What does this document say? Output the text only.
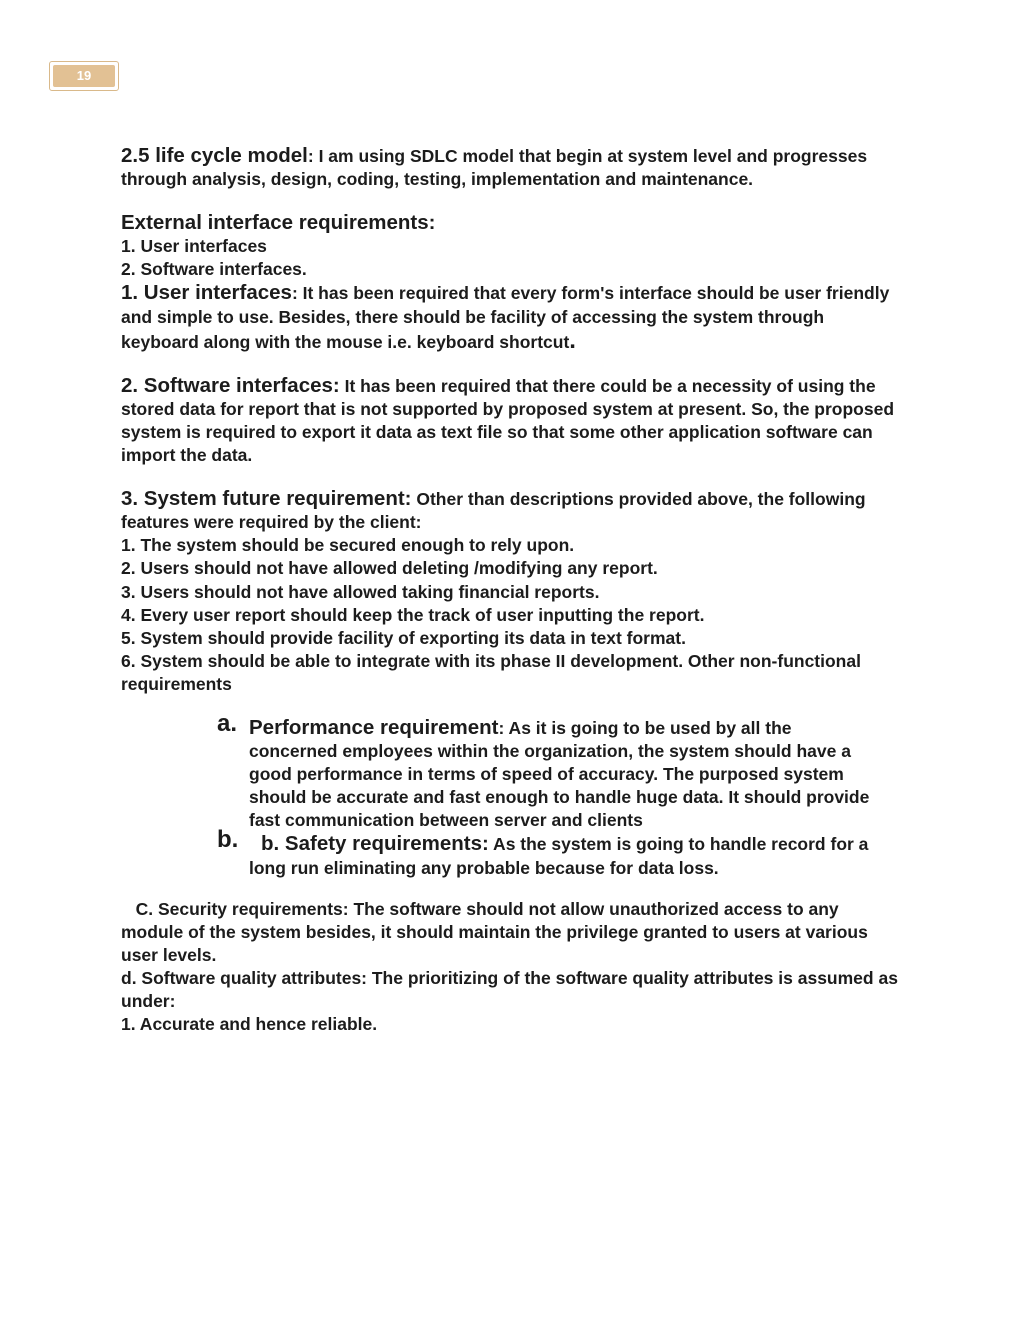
19

2.5 life cycle model: I am using SDLC model that begin at system level and progresses through analysis, design, coding, testing, implementation and maintenance.

External interface requirements:
1. User interfaces
2. Software interfaces.

1. User interfaces: It has been required that every form's interface should be user friendly and simple to use. Besides, there should be facility of accessing the system through keyboard along with the mouse i.e. keyboard shortcut.

2. Software interfaces: It has been required that there could be a necessity of using the stored data for report that is not supported by proposed system at present. So, the proposed system is required to export it data as text file so that some other application software can import the data.

3. System future requirement: Other than descriptions provided above, the following features were required by the client:
1. The system should be secured enough to rely upon.
2. Users should not have allowed deleting /modifying any report.
3. Users should not have allowed taking financial reports.
4. Every user report should keep the track of user inputting the report.
5. System should provide facility of exporting its data in text format.
6. System should be able to integrate with its phase II development. Other non-functional requirements

a. Performance requirement: As it is going to be used by all the concerned employees within the organization, the system should have a good performance in terms of speed of accuracy. The purposed system should be accurate and fast enough to handle huge data. It should provide fast communication between server and clients
b. b. Safety requirements: As the system is going to handle record for a long run eliminating any probable because for data loss.

C. Security requirements: The software should not allow unauthorized access to any module of the system besides, it should maintain the privilege granted to users at various user levels.

d. Software quality attributes: The prioritizing of the software quality attributes is assumed as under:
1. Accurate and hence reliable.
